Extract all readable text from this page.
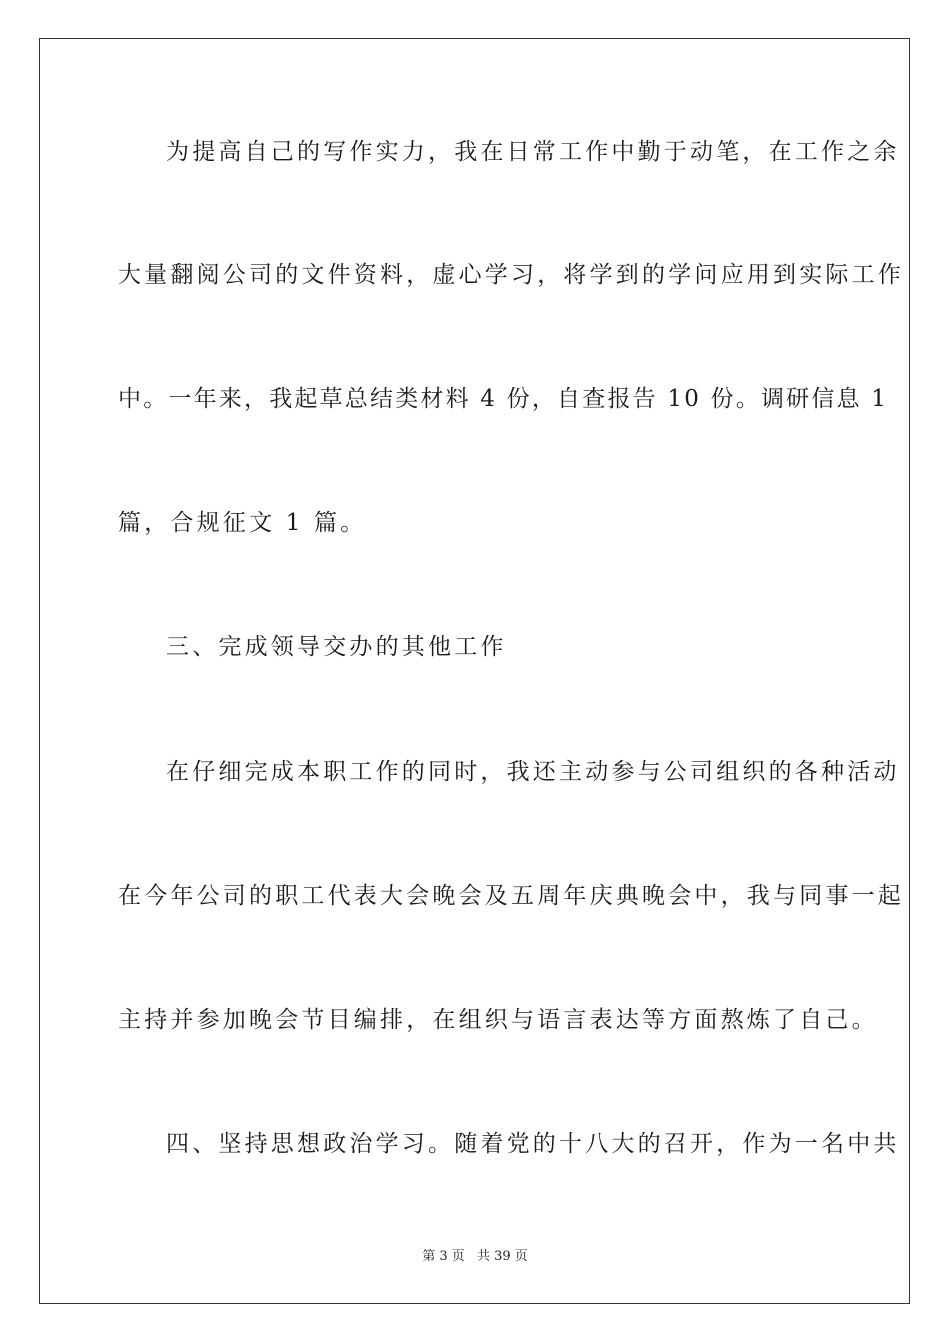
为提高自己的写作实力，我在日常工作中勤于动笔，在工作之余
大量翻阅公司的文件资料，虚心学习，将学到的学问应用到实际工作
中。一年来，我起草总结类材料 4 份，自查报告 10 份。调研信息 1
篇，合规征文 1 篇。
三、完成领导交办的其他工作
在仔细完成本职工作的同时，我还主动参与公司组织的各种活动
在今年公司的职工代表大会晚会及五周年庆典晚会中，我与同事一起
主持并参加晚会节目编排，在组织与语言表达等方面熬炼了自己。
四、坚持思想政治学习。随着党的十八大的召开，作为一名中共
第 3 页 共 39 页
